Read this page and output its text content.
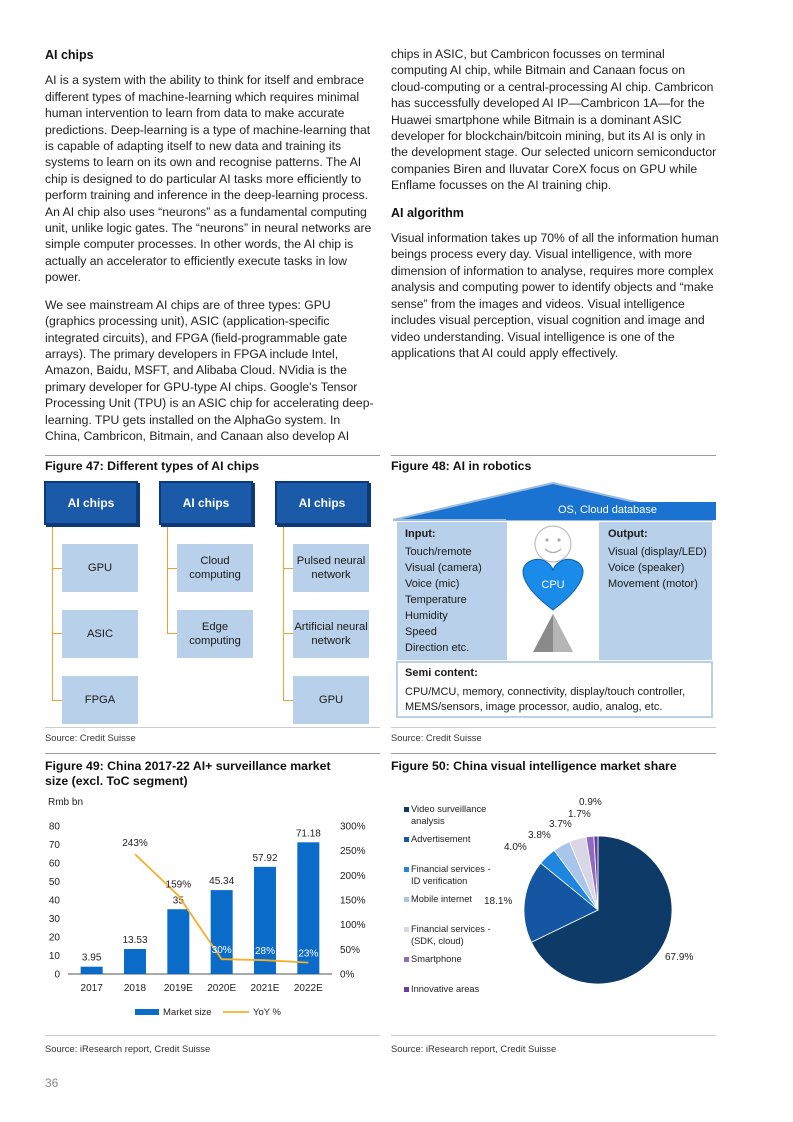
AI chips

AI is a system with the ability to think for itself and embrace different types of machine-learning which requires minimal human intervention to learn from data to make accurate predictions. Deep-learning is a type of machine-learning that is capable of adapting itself to new data and training its systems to learn on its own and recognise patterns. The AI chip is designed to do particular AI tasks more efficiently to perform training and inference in the deep-learning process. An AI chip also uses “neurons” as a fundamental computing unit, unlike logic gates. The “neurons” in neural networks are simple computer processes. In other words, the AI chip is actually an accelerator to efficiently execute tasks in low power.

We see mainstream AI chips are of three types: GPU (graphics processing unit), ASIC (application-specific integrated circuits), and FPGA (field-programmable gate arrays). The primary developers in FPGA include Intel, Amazon, Baidu, MSFT, and Alibaba Cloud. NVidia is the primary developer for GPU-type AI chips. Google's Tensor Processing Unit (TPU) is an ASIC chip for accelerating deep-learning. TPU gets installed on the AlphaGo system. In China, Cambricon, Bitmain, and Canaan also develop AI

chips in ASIC, but Cambricon focusses on terminal computing AI chip, while Bitmain and Canaan focus on cloud-computing or a central-processing AI chip. Cambricon has successfully developed AI IP—Cambricon 1A—for the Huawei smartphone while Bitmain is a dominant ASIC developer for blockchain/bitcoin mining, but its AI is only in the development stage. Our selected unicorn semiconductor companies Biren and Iluvatar CoreX focus on GPU while Enflame focusses on the AI training chip.

AI algorithm

Visual information takes up 70% of all the information human beings process every day. Visual intelligence, with more dimension of information to analyse, requires more complex analysis and computing power to identify objects and “make sense” from the images and videos. Visual intelligence includes visual perception, visual cognition and image and video understanding. Visual intelligence is one of the applications that AI could apply effectively.

Figure 47: Different types of AI chips
AI chips	AI chips	AI chips
GPU
ASIC
FPGA
Cloud computing
Edge computing
Pulsed neural network
Artificial neural network
GPU
Source: Credit Suisse
Figure 48: AI in robotics
OS, Cloud database
CPU
Input:
Touch/remote
Visual (camera)
Voice (mic)
Temperature
Humidity
Speed
Direction etc.
Output:
Visual (display/LED)
Voice (speaker)
Movement (motor)
Semi content:
CPU/MCU, memory, connectivity, display/touch controller, MEMS/sensors, image processor, audio, analog, etc.
Source: Credit Suisse
Figure 49: China 2017-22 AI+ surveillance market
size (excl. ToC segment)
Rmb bn
0
10
20
30
40
50
60
70
80
0%
50%
100%
150%
200%
250%
300%
3.95
2017
13.53
2018
35
2019E
45.34
2020E
57.92
2021E
71.18
2022E
243%
159%
30% 28% 23%
Market size	YoY %
Source: iResearch report, Credit Suisse
Figure 50: China visual intelligence market share
67.9%
18.1%
4.0%
3.8%
3.7%
1.7%
0.9%
Video surveillance analysis
Advertisement
Financial services -ID verification
Mobile internet
Financial services -(SDK, cloud)
Smartphone
Innovative areas
Source: iResearch report, Credit Suisse
36
